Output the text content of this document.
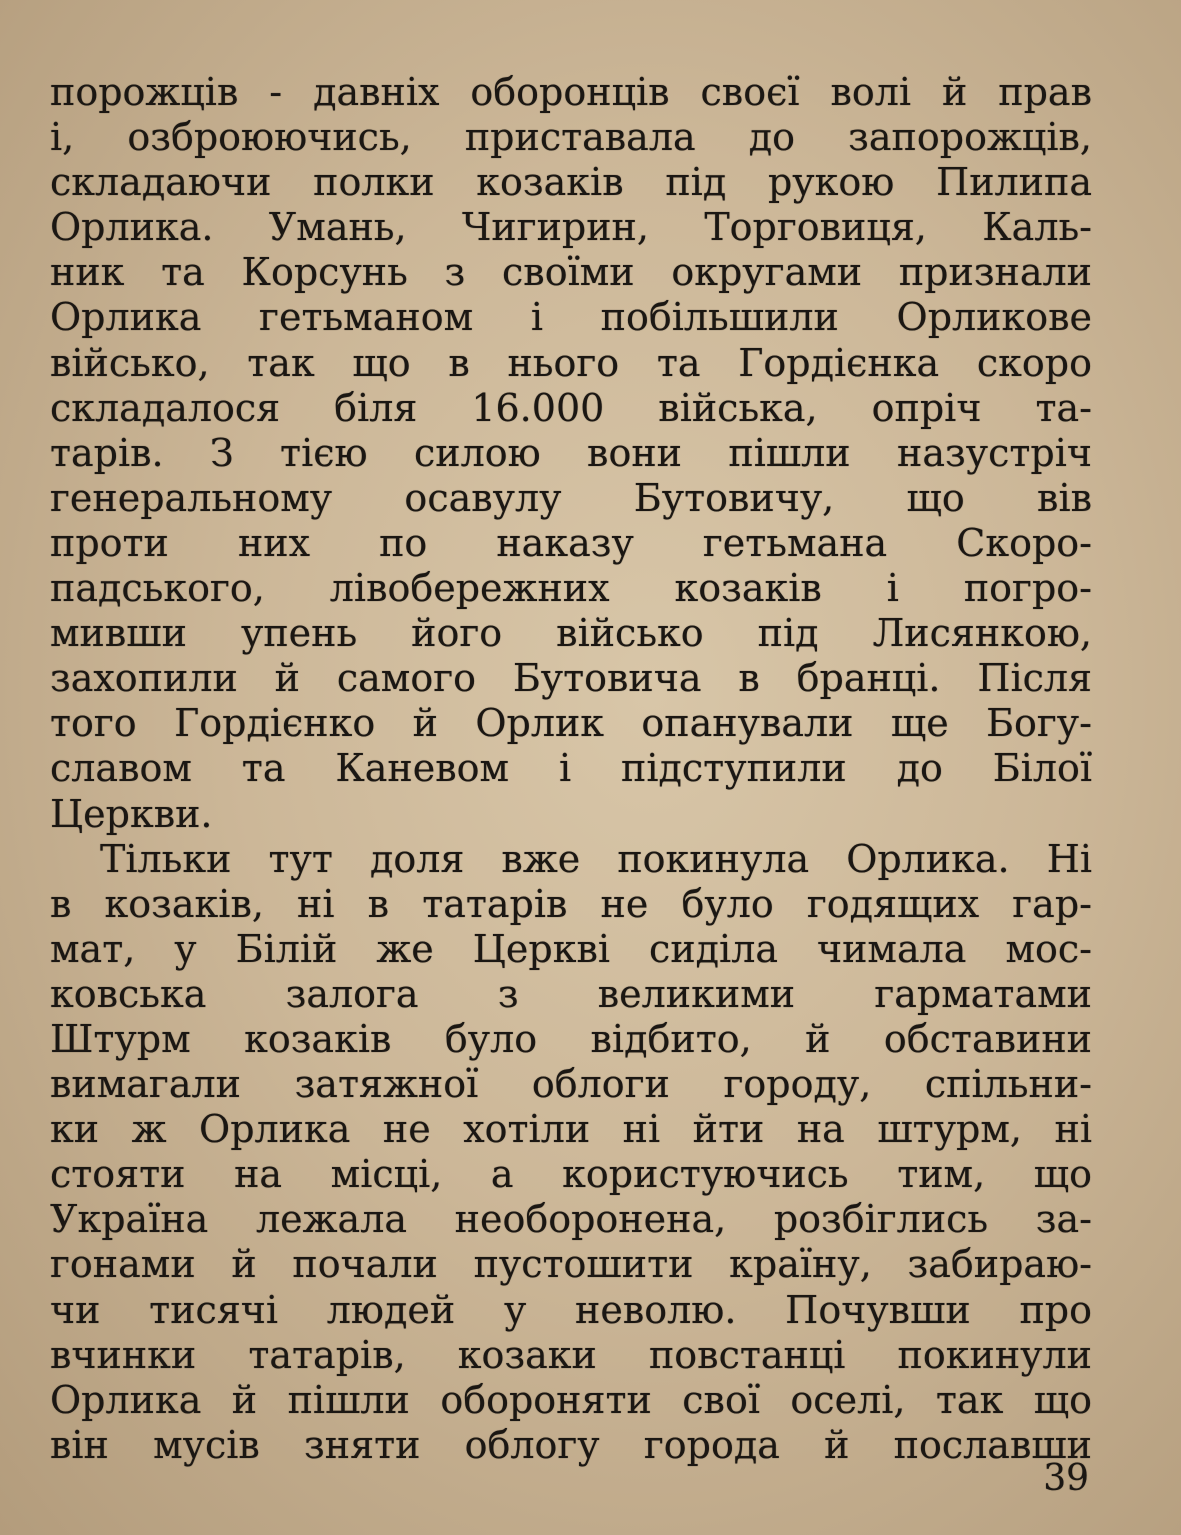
порожців - давніх оборонців своєї волі й прав
і, озброюючись, приставала до запорожців,
складаючи полки козаків під рукою Пилипа
Орлика. Умань, Чигирин, Торговиця, Каль-
ник та Корсунь з своїми округами признали
Орлика гетьманом і побільшили Орликове
військо, так що в нього та Гордієнка скоро
складалося біля 16.000 війська, опріч та-
тарів. З тією силою вони пішли назустріч
генеральному осавулу Бутовичу, що вів
проти них по наказу гетьмана Скоро-
падського, лівобережних козаків і погро-
мивши упень його військо під Лисянкою,
захопили й самого Бутовича в бранці. Після
того Гордієнко й Орлик опанували ще Богу-
славом та Каневом і підступили до Білої
Церкви.
Тільки тут доля вже покинула Орлика. Ні
в козаків, ні в татарів не було годящих гар-
мат, у Білій же Церкві сиділа чимала мос-
ковська залога з великими гарматами
Штурм козаків було відбито, й обставини
вимагали затяжної облоги городу, спільни-
ки ж Орлика не хотіли ні йти на штурм, ні
стояти на місці, а користуючись тим, що
Україна лежала необоронена, розбіглись за-
гонами й почали пустошити країну, забираю-
чи тисячі людей у неволю. Почувши про
вчинки татарів, козаки повстанці покинули
Орлика й пішли обороняти свої оселі, так що
він мусів зняти облогу города й пославши
39
